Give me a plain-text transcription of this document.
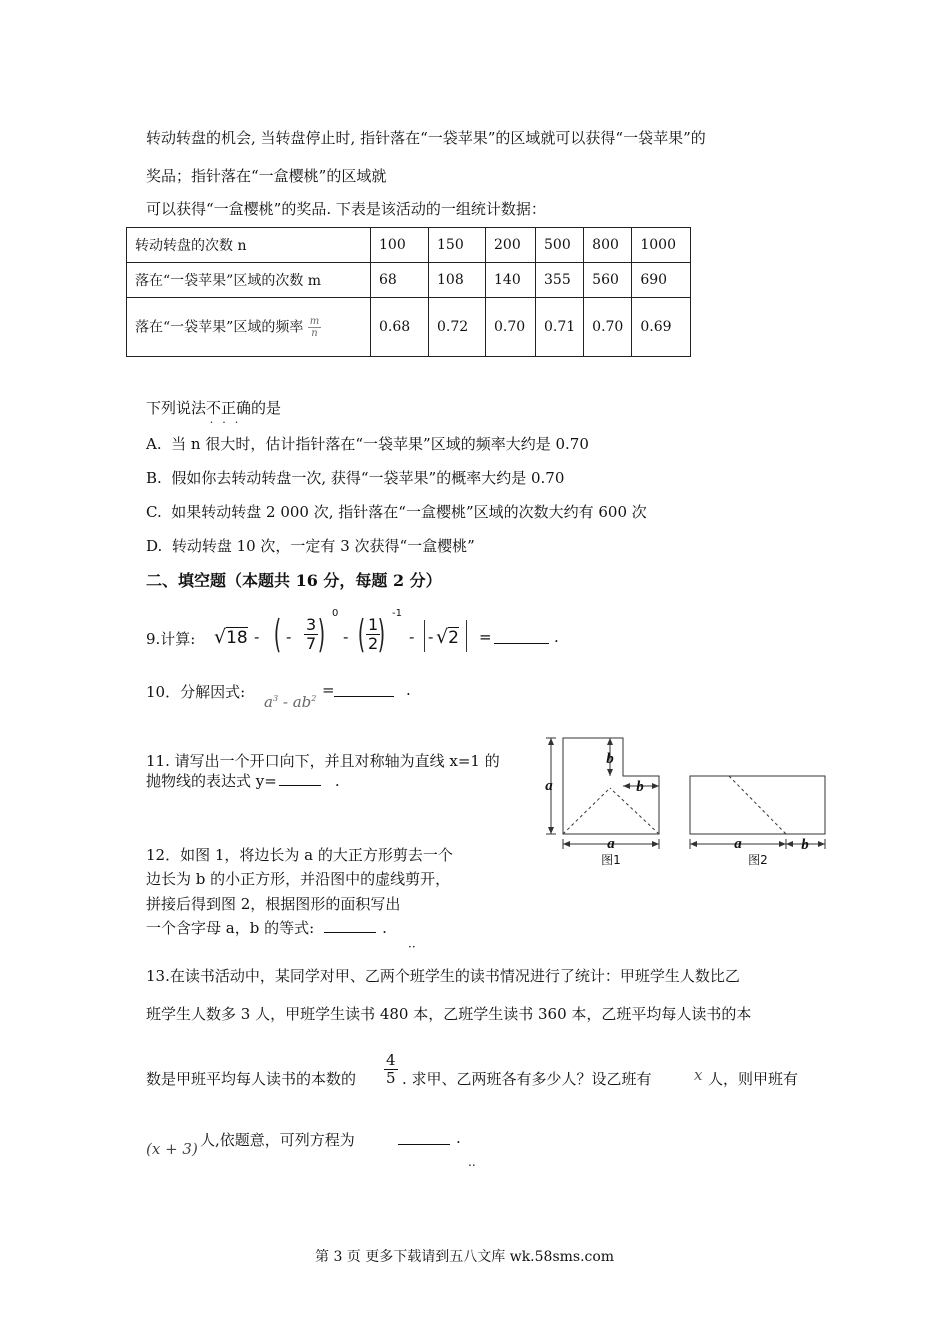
转动转盘的机会, 当转盘停止时, 指针落在“一袋苹果”的区域就可以获得“一袋苹果”的
奖品；指针落在“一盒樱桃”的区域就
可以获得“一盒樱桃”的奖品. 下表是该活动的一组统计数据：
转动转盘的次数 n	100	150	200	500	800	1000
落在“一袋苹果”区域的次数 m	68	108	140	355	560	690
落在“一袋苹果”区域的频率 $\frac{m}{n}$	0.68	0.72	0.70	0.71	0.70	0.69
下列说法不正确
···
的是
A. 当 n 很大时，估计指针落在“一袋苹果”区域的频率大约是 0.70
B. 假如你去转动转盘一次, 获得“一袋苹果”的概率大约是 0.70
C. 如果转动转盘 2 000 次, 指针落在“一盒樱桃”区域的次数大约有 600 次
D. 转动转盘 10 次，一定有 3 次获得“一盒樱桃”
二、填空题（本题共 16 分，每题 2 分）
9.计算: √18 - ( - $\frac{3}{7}$ ) 0
- ( $\frac{1}{2}$
) -1
- - √2 =	.
10．分解因式:
$a^3 - ab^2$ =	.
11. 请写出一个开口向下，并且对称轴为直线 x=1 的
抛物线的表达式 y=	.
12．如图 1，将边长为 a 的大正方形剪去一个
边长为 b 的小正方形，并沿图中的虚线剪开，
拼接后得到图 2，根据图形的面积写出
一个含字母 a，b 的等式:	.
··
a
b
b
a	a	b
图1	图2
13.在读书活动中，某同学对甲、乙两个班学生的读书情况进行了统计：甲班学生人数比乙
班学生人数多 3 人，甲班学生读书 480 本，乙班学生读书 360 本，乙班平均每人读书的本
数是甲班平均每人读书的本数的 $\frac{4}{5}$ . 求甲、乙两班各有多少人？设乙班有	x 人，则甲班有
(x + 3) 人,依题意，可列方程为	.
..
第 3 页 更多下载请到五八文库 wk.58sms.com
